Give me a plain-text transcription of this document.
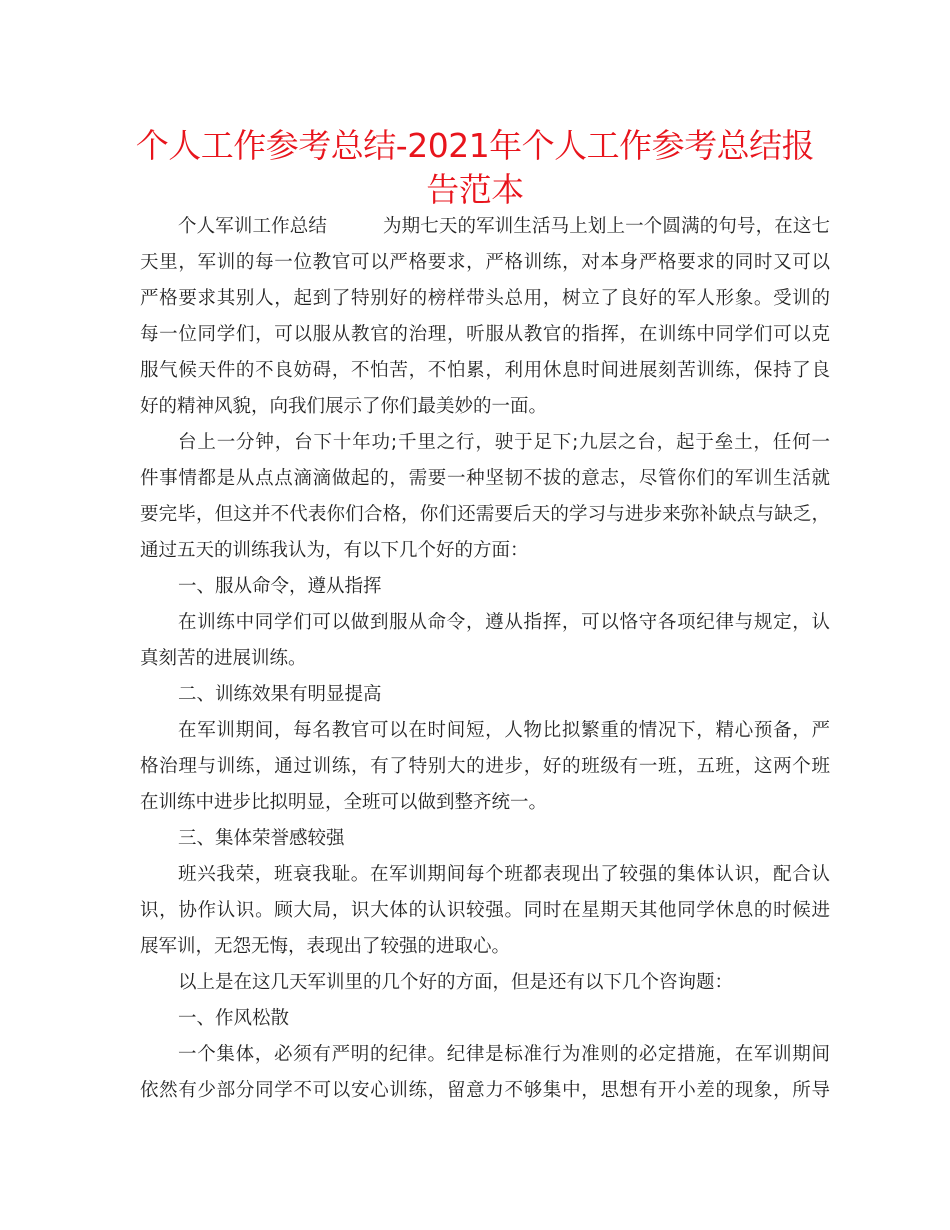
个人工作参考总结-2021年个人工作参考总结报
告范本
个人军训工作总结　　　为期七天的军训生活马上划上一个圆满的句号，在这七
天里，军训的每一位教官可以严格要求，严格训练，对本身严格要求的同时又可以
严格要求其别人，起到了特别好的榜样带头总用，树立了良好的军人形象。受训的
每一位同学们，可以服从教官的治理，听服从教官的指挥，在训练中同学们可以克
服气候天件的不良妨碍，不怕苦，不怕累，利用休息时间进展刻苦训练，保持了良
好的精神风貌，向我们展示了你们最美妙的一面。
台上一分钟，台下十年功;千里之行，驶于足下;九层之台，起于垒土，任何一
件事情都是从点点滴滴做起的，需要一种坚韧不拔的意志，尽管你们的军训生活就
要完毕，但这并不代表你们合格，你们还需要后天的学习与进步来弥补缺点与缺乏，
通过五天的训练我认为，有以下几个好的方面：
一、服从命令，遵从指挥
在训练中同学们可以做到服从命令，遵从指挥，可以恪守各项纪律与规定，认
真刻苦的进展训练。
二、训练效果有明显提高
在军训期间，每名教官可以在时间短，人物比拟繁重的情况下，精心预备，严
格治理与训练，通过训练，有了特别大的进步，好的班级有一班，五班，这两个班
在训练中进步比拟明显，全班可以做到整齐统一。
三、集体荣誉感较强
班兴我荣，班衰我耻。在军训期间每个班都表现出了较强的集体认识，配合认
识，协作认识。顾大局，识大体的认识较强。同时在星期天其他同学休息的时候进
展军训，无怨无悔，表现出了较强的进取心。
以上是在这几天军训里的几个好的方面，但是还有以下几个咨询题：
一、作风松散
一个集体，必须有严明的纪律。纪律是标准行为准则的必定措施，在军训期间
依然有少部分同学不可以安心训练，留意力不够集中，思想有开小差的现象，所导
